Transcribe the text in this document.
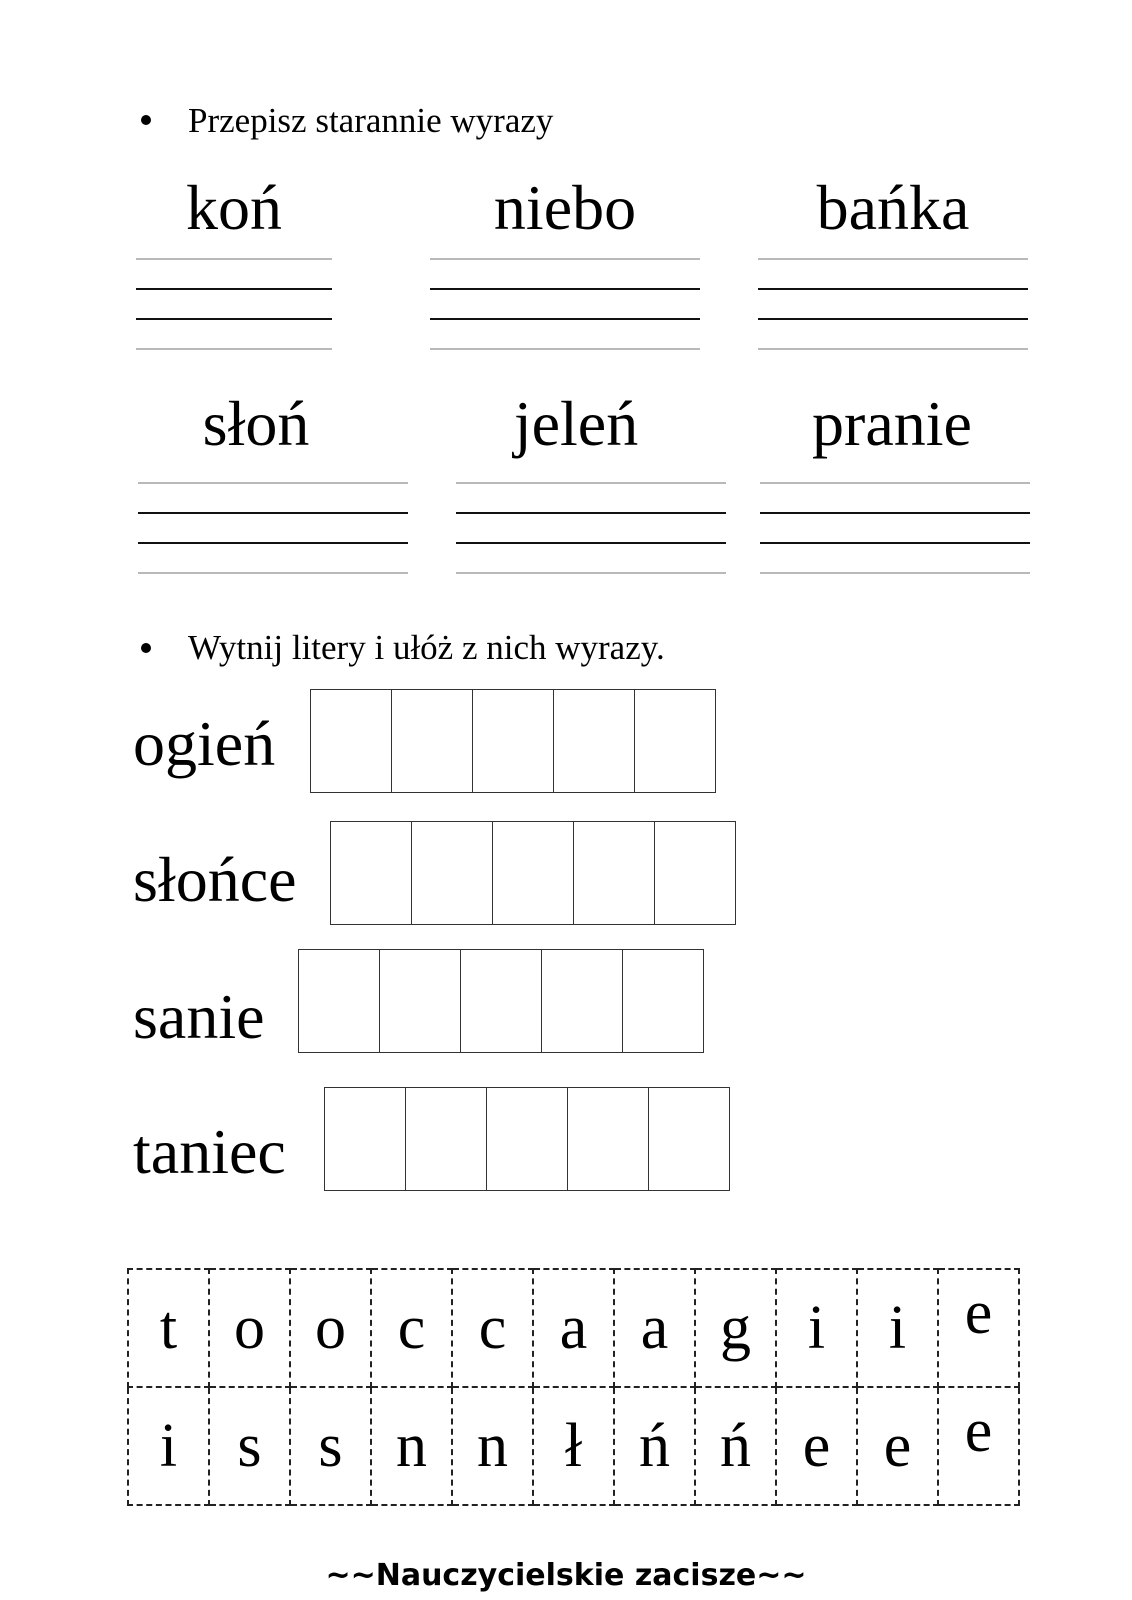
Przepisz starannie wyrazy
koń	niebo	bańka
słoń	jeleń	pranie
Wytnij litery i ułóż z nich wyrazy.
ogień
słońce
sanie
taniec
t	o	o	c	c	a	a	g	i	i	e
i	s	s	n	n	ł	ń	ń	e	e	e
~~Nauczycielskie zacisze~~
